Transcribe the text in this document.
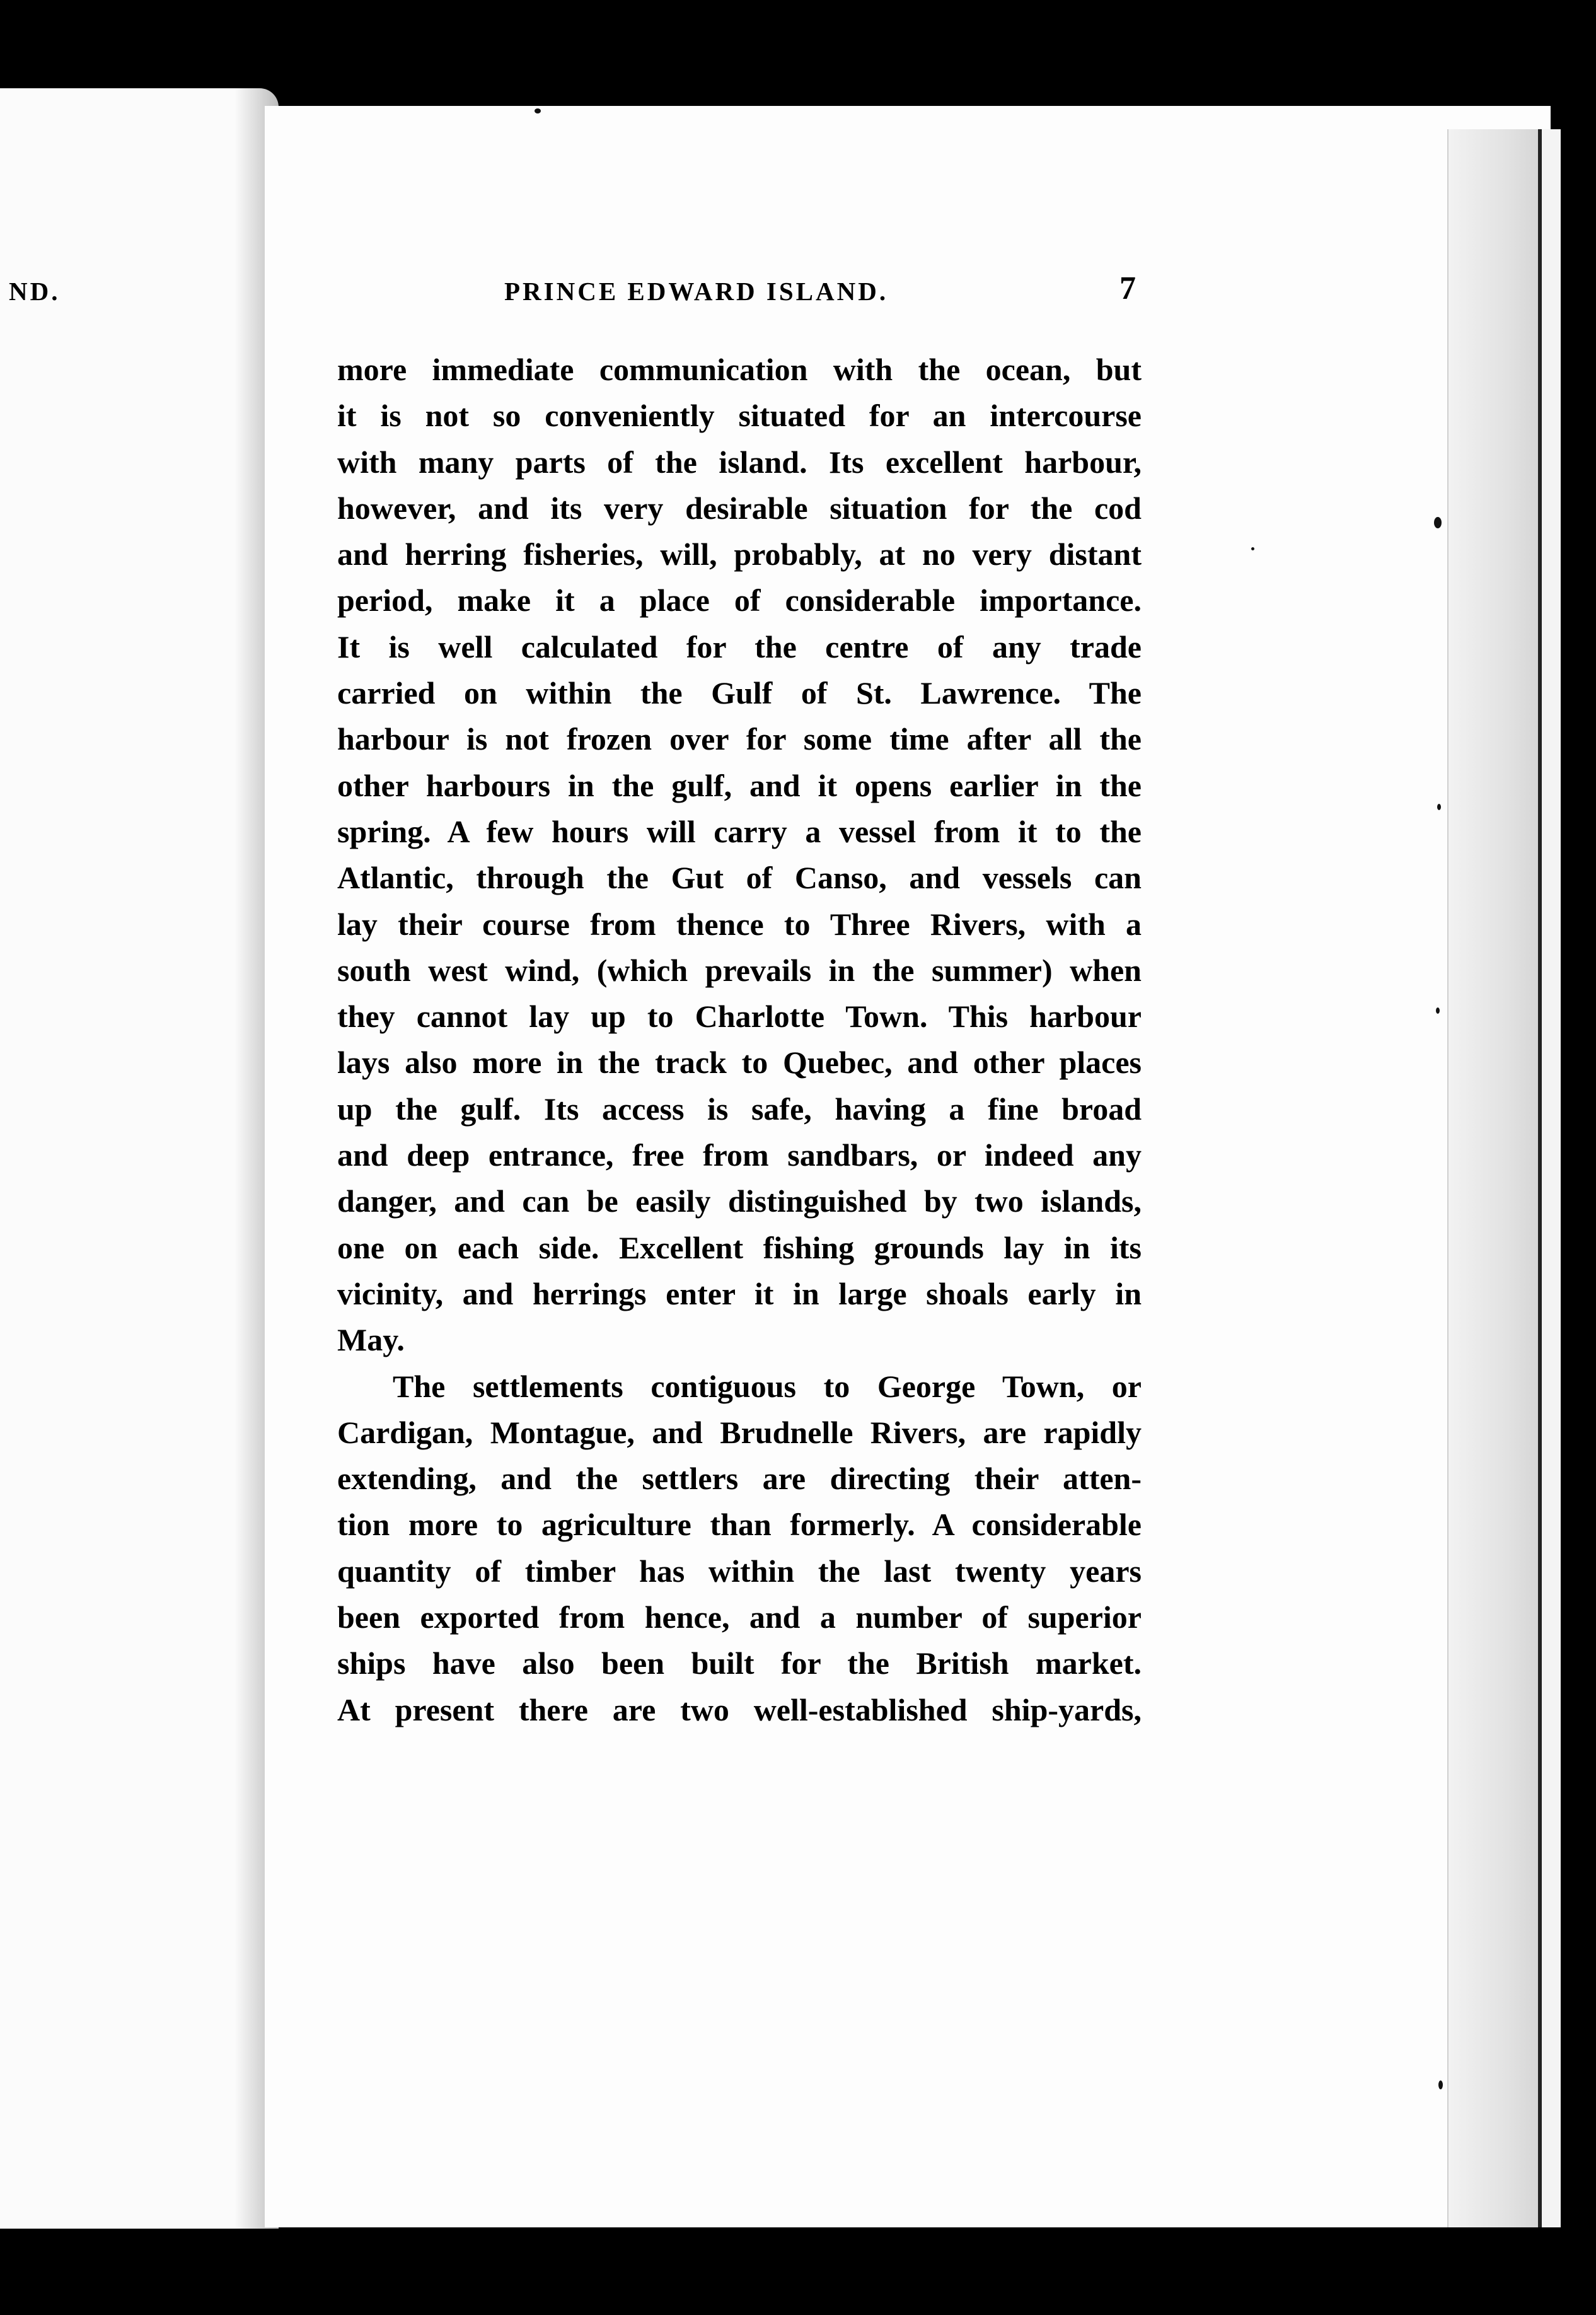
ND.

	PRINCE EDWARD ISLAND.	7
more immediate communication with the ocean, but
it is not so conveniently situated for an intercourse
with many parts of the island. Its excellent harbour,
however, and its very desirable situation for the cod
and herring fisheries, will, probably, at no very distant
period, make it a place of considerable importance.
It is well calculated for the centre of any trade
carried on within the Gulf of St. Lawrence. The
harbour is not frozen over for some time after all the
other harbours in the gulf, and it opens earlier in the
spring. A few hours will carry a vessel from it to the
Atlantic, through the Gut of Canso, and vessels can
lay their course from thence to Three Rivers, with a
south west wind, (which prevails in the summer) when
they cannot lay up to Charlotte Town. This harbour
lays also more in the track to Quebec, and other places
up the gulf. Its access is safe, having a fine broad
and deep entrance, free from sandbars, or indeed any
danger, and can be easily distinguished by two islands,
one on each side. Excellent fishing grounds lay in its
vicinity, and herrings enter it in large shoals early in
May.
The settlements contiguous to George Town, or
Cardigan, Montague, and Brudnelle Rivers, are rapidly
extending, and the settlers are directing their atten-
tion more to agriculture than formerly. A considerable
quantity of timber has within the last twenty years
been exported from hence, and a number of superior
ships have also been built for the British market.
At present there are two well-established ship-yards,
